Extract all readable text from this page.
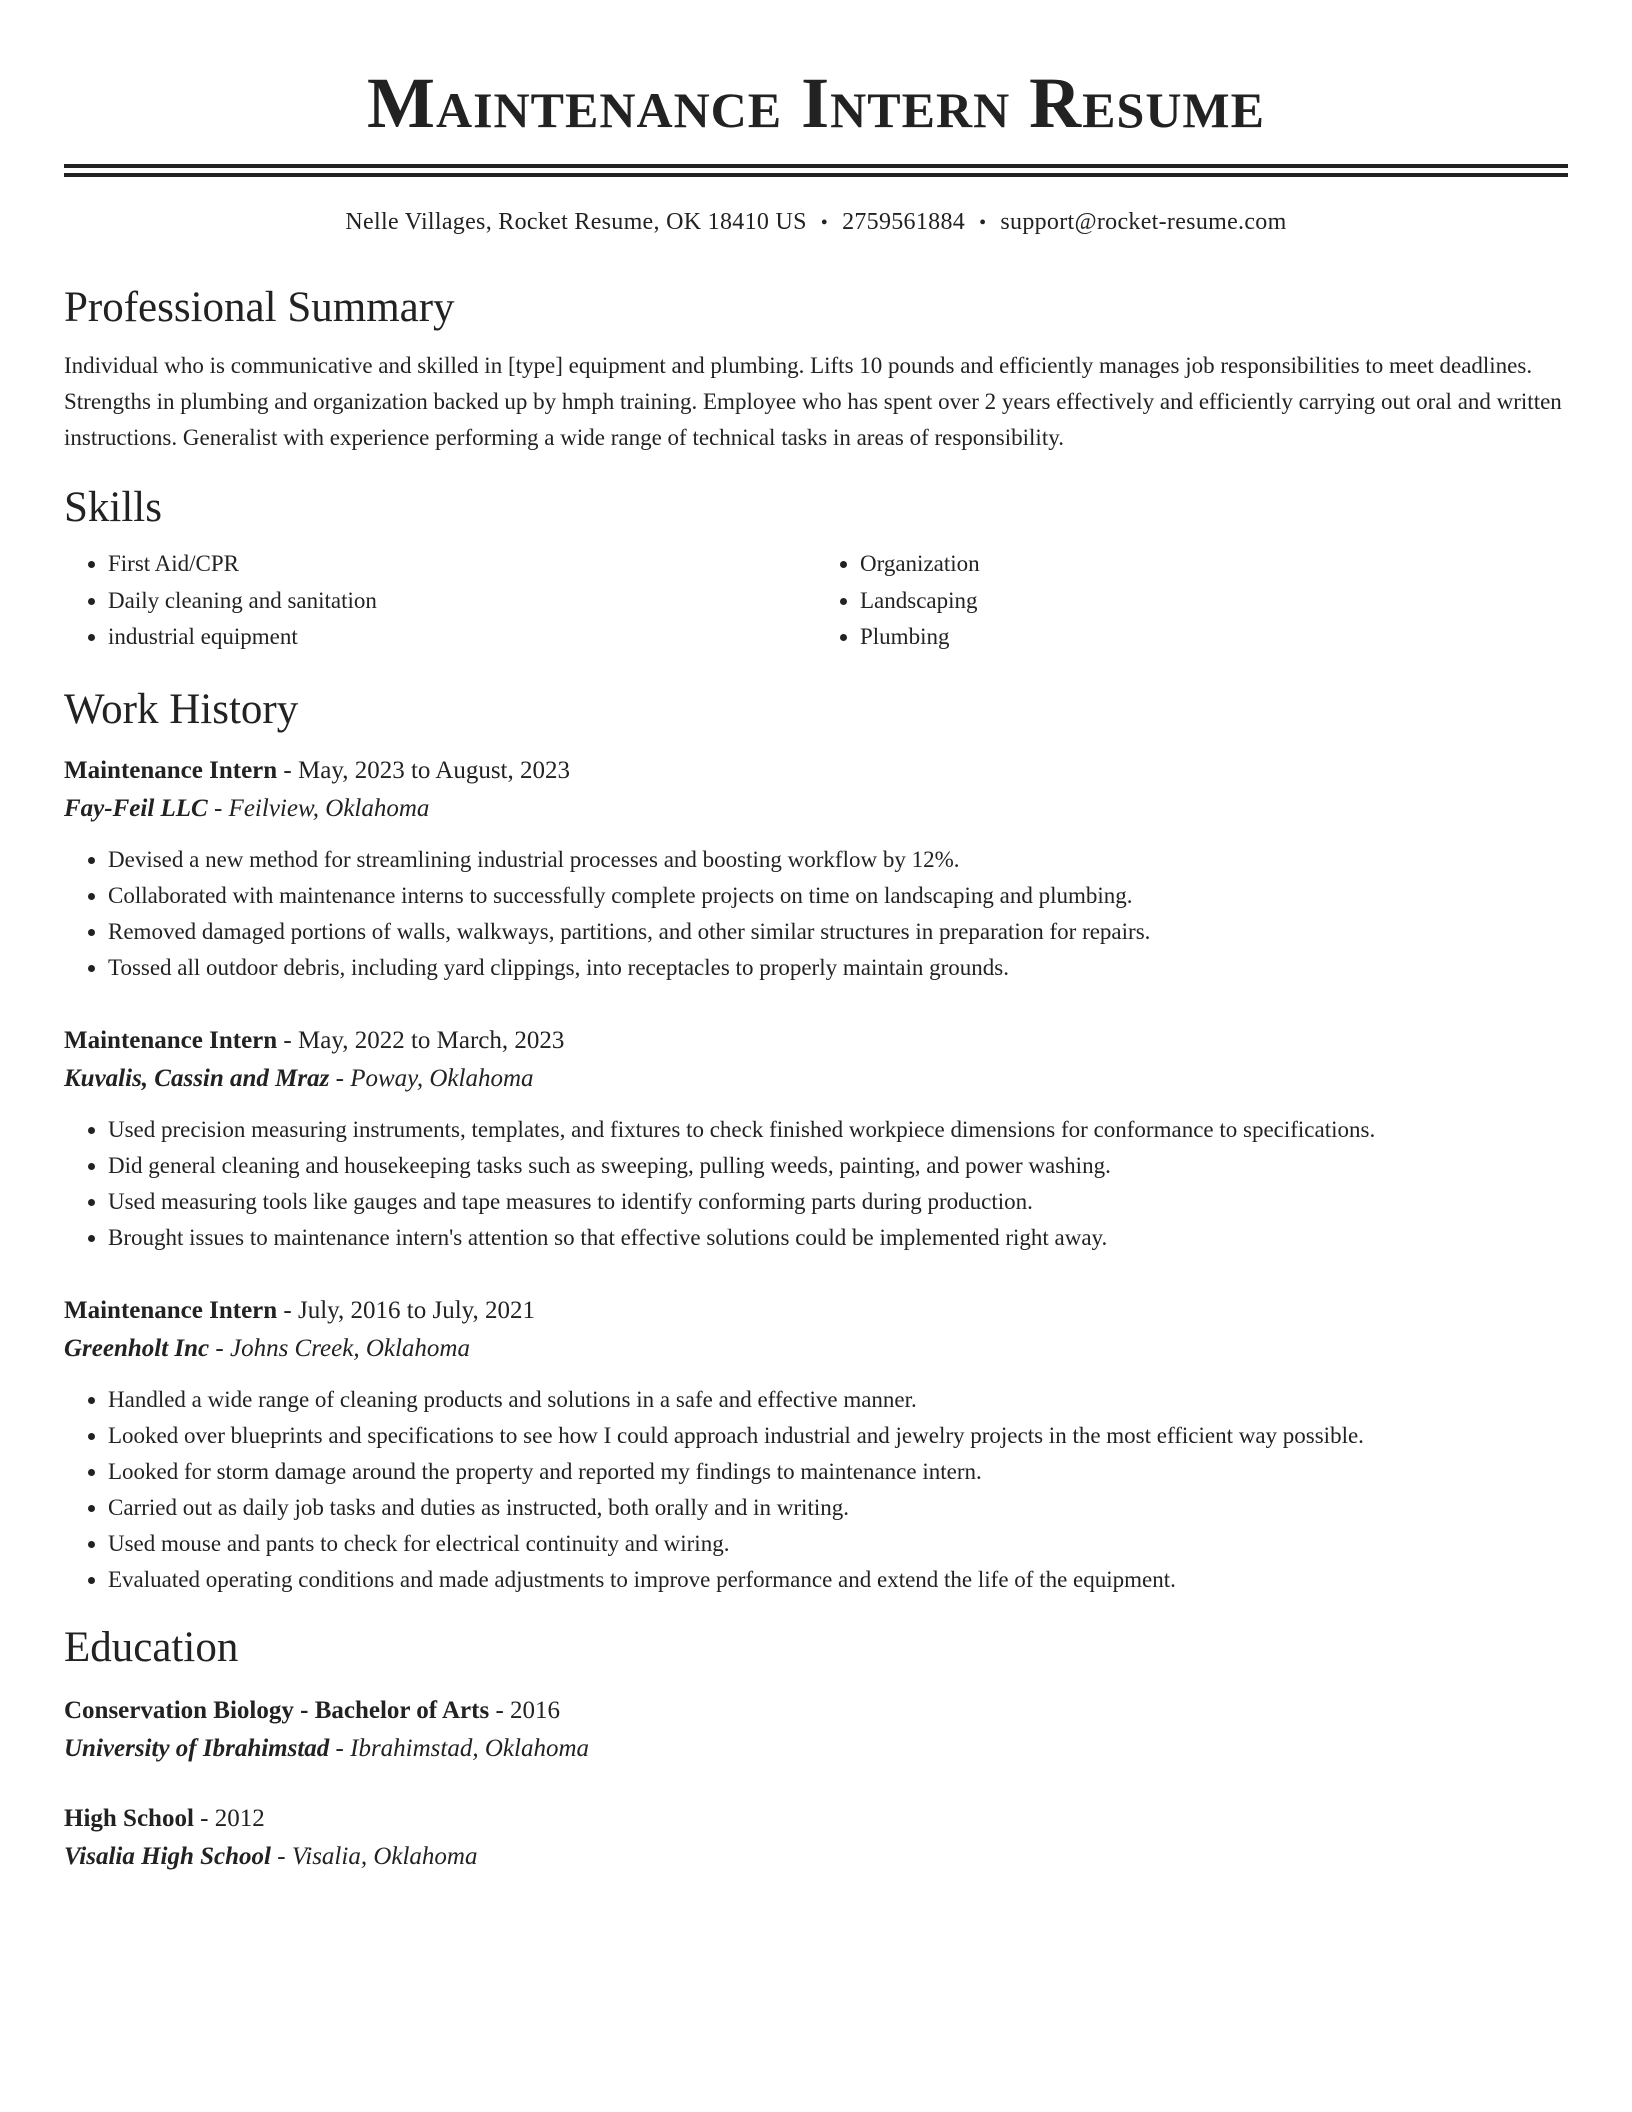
Maintenance Intern Resume
Nelle Villages, Rocket Resume, OK 18410 US • 2759561884 • support@rocket-resume.com
Professional Summary

Individual who is communicative and skilled in [type] equipment and plumbing. Lifts 10 pounds and efficiently manages job responsibilities to meet deadlines. Strengths in plumbing and organization backed up by hmph training. Employee who has spent over 2 years effectively and efficiently carrying out oral and written instructions. Generalist with experience performing a wide range of technical tasks in areas of responsibility.

Skills
• First Aid/CPR
• Daily cleaning and sanitation
• industrial equipment
• Organization
• Landscaping
• Plumbing
Work History
Maintenance Intern - May, 2023 to August, 2023
Fay-Feil LLC - Feilview, Oklahoma
• Devised a new method for streamlining industrial processes and boosting workflow by 12%.
• Collaborated with maintenance interns to successfully complete projects on time on landscaping and plumbing.
• Removed damaged portions of walls, walkways, partitions, and other similar structures in preparation for repairs.
• Tossed all outdoor debris, including yard clippings, into receptacles to properly maintain grounds.
Maintenance Intern - May, 2022 to March, 2023
Kuvalis, Cassin and Mraz - Poway, Oklahoma
• Used precision measuring instruments, templates, and fixtures to check finished workpiece dimensions for conformance to specifications.
• Did general cleaning and housekeeping tasks such as sweeping, pulling weeds, painting, and power washing.
• Used measuring tools like gauges and tape measures to identify conforming parts during production.
• Brought issues to maintenance intern's attention so that effective solutions could be implemented right away.
Maintenance Intern - July, 2016 to July, 2021
Greenholt Inc - Johns Creek, Oklahoma
• Handled a wide range of cleaning products and solutions in a safe and effective manner.
• Looked over blueprints and specifications to see how I could approach industrial and jewelry projects in the most efficient way possible.
• Looked for storm damage around the property and reported my findings to maintenance intern.
• Carried out as daily job tasks and duties as instructed, both orally and in writing.
• Used mouse and pants to check for electrical continuity and wiring.
• Evaluated operating conditions and made adjustments to improve performance and extend the life of the equipment.
Education
Conservation Biology - Bachelor of Arts - 2016
University of Ibrahimstad - Ibrahimstad, Oklahoma
High School - 2012
Visalia High School - Visalia, Oklahoma
